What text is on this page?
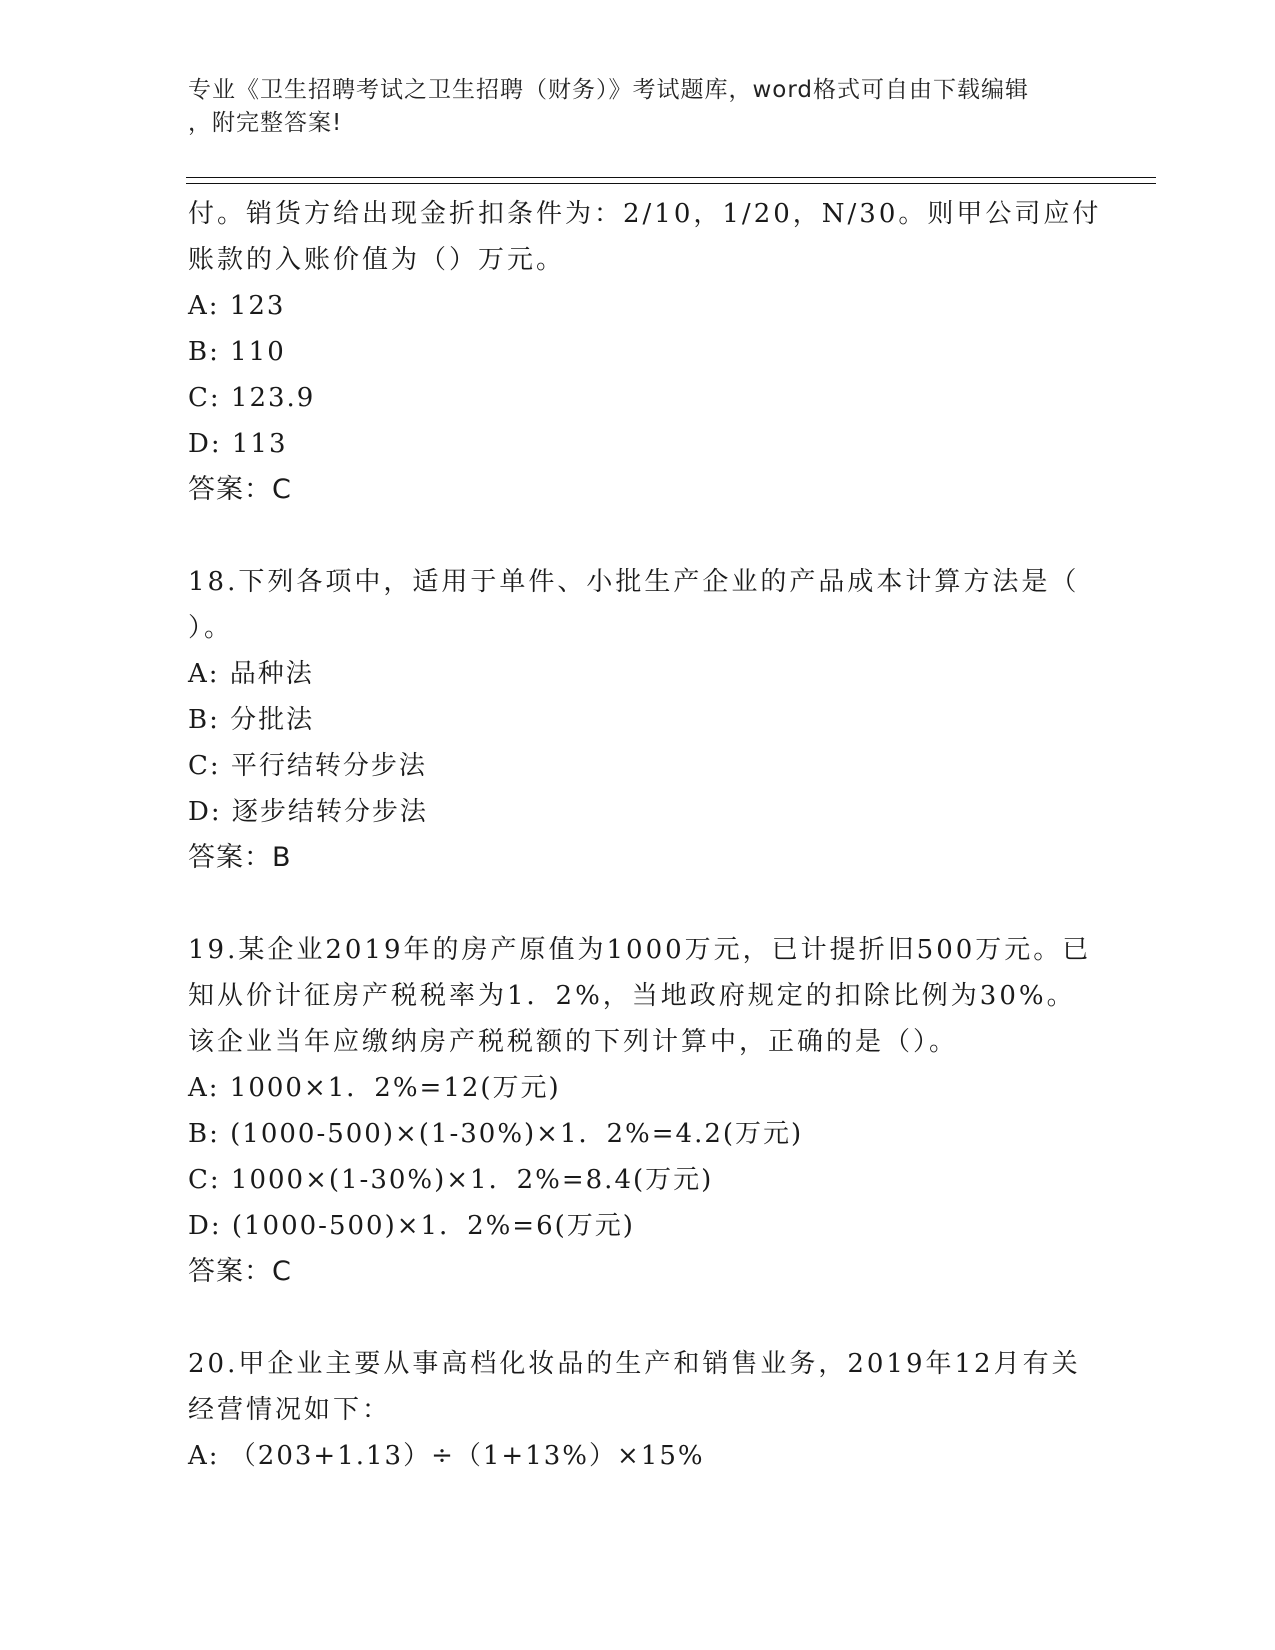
专业《卫生招聘考试之卫生招聘（财务）》考试题库，word格式可自由下载编辑
，附完整答案!
付。销货方给出现金折扣条件为：2/10，1/20，N/30。则甲公司应付
账款的入账价值为（）万元。
A: 123
B: 110
C: 123.9
D: 113
答案：C
18.下列各项中，适用于单件、小批生产企业的产品成本计算方法是（
）。
A: 品种法
B: 分批法
C: 平行结转分步法
D: 逐步结转分步法
答案：B
19.某企业2019年的房产原值为1000万元，已计提折旧500万元。已
知从价计征房产税税率为1．2%，当地政府规定的扣除比例为30%。
该企业当年应缴纳房产税税额的下列计算中，正确的是（）。
A: 1000×1．2%=12(万元)
B: (1000-500)×(1-30%)×1．2%=4.2(万元)
C: 1000×(1-30%)×1．2%=8.4(万元)
D: (1000-500)×1．2%=6(万元)
答案：C
20.甲企业主要从事高档化妆品的生产和销售业务，2019年12月有关
经营情况如下：
A: （203+1.13）÷（1+13%）×15%
